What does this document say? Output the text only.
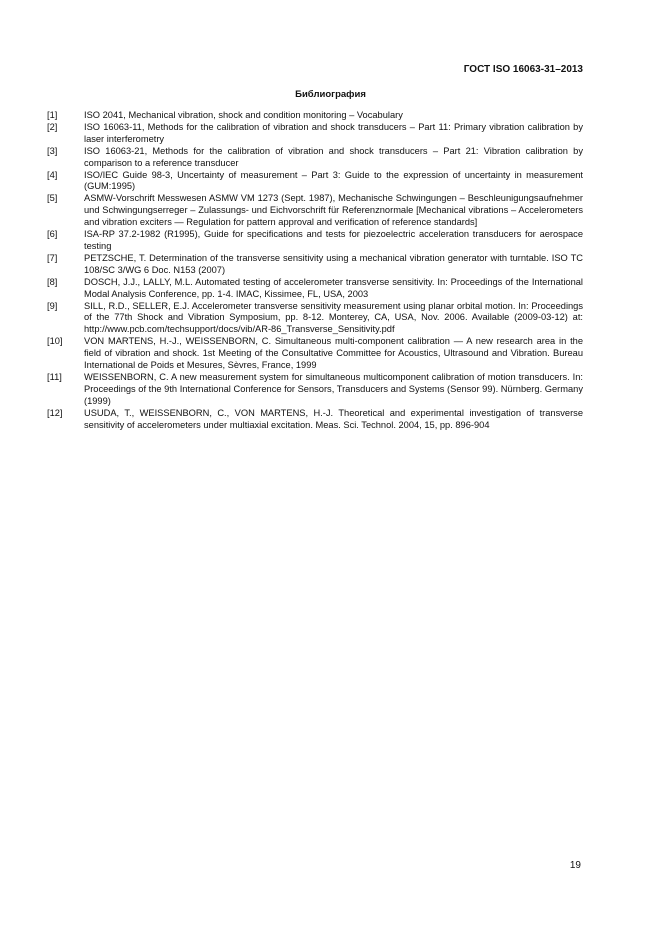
ГОСТ ISO 16063-31–2013
Библиография
[1]	ISO 2041, Mechanical vibration, shock and condition monitoring – Vocabulary
[2]	ISO 16063-11, Methods for the calibration of vibration and shock transducers – Part 11: Primary vibration calibration by laser interferometry
[3]	ISO 16063-21, Methods for the calibration of vibration and shock transducers – Part 21: Vibration calibration by comparison to a reference transducer
[4]	ISO/IEC Guide 98-3, Uncertainty of measurement – Part 3: Guide to the expression of uncertainty in measurement (GUM:1995)
[5]	ASMW-Vorschrift Messwesen ASMW VM 1273 (Sept. 1987), Mechanische Schwingungen – Beschleunigungsaufnehmer und Schwingungserreger – Zulassungs- und Eichvorschrift für Referenznormale [Mechanical vibrations – Accelerometers and vibration exciters — Regulation for pattern approval and verification of reference standards]
[6]	ISA-RP 37.2-1982 (R1995), Guide for specifications and tests for piezoelectric acceleration transducers for aerospace testing
[7]	PETZSCHE, T. Determination of the transverse sensitivity using a mechanical vibration generator with turntable. ISO TC 108/SC 3/WG 6 Doc. N153 (2007)
[8]	DOSCH, J.J., LALLY, M.L. Automated testing of accelerometer transverse sensitivity. In: Proceedings of the International Modal Analysis Conference, pp. 1-4. IMAC, Kissimee, FL, USA, 2003
[9]	SILL, R.D., SELLER, E.J. Accelerometer transverse sensitivity measurement using planar orbital motion. In: Proceedings of the 77th Shock and Vibration Symposium, pp. 8-12. Monterey, CA, USA, Nov. 2006. Available (2009-03-12) at: http://www.pcb.com/techsupport/docs/vib/AR-86_Transverse_Sensitivity.pdf
[10]	VON MARTENS, H.-J., WEISSENBORN, C. Simultaneous multi-component calibration — A new research area in the field of vibration and shock. 1st Meeting of the Consultative Committee for Acoustics, Ultrasound and Vibration. Bureau International de Poids et Mesures, Sèvres, France, 1999
[11]	WEISSENBORN, C. A new measurement system for simultaneous multicomponent calibration of motion transducers. In: Proceedings of the 9th International Conference for Sensors, Transducers and Systems (Sensor 99). Nürnberg. Germany (1999)
[12]	USUDA, T., WEISSENBORN, C., VON MARTENS, H.-J. Theoretical and experimental investigation of transverse sensitivity of accelerometers under multiaxial excitation. Meas. Sci. Technol. 2004, 15, pp. 896-904
19
